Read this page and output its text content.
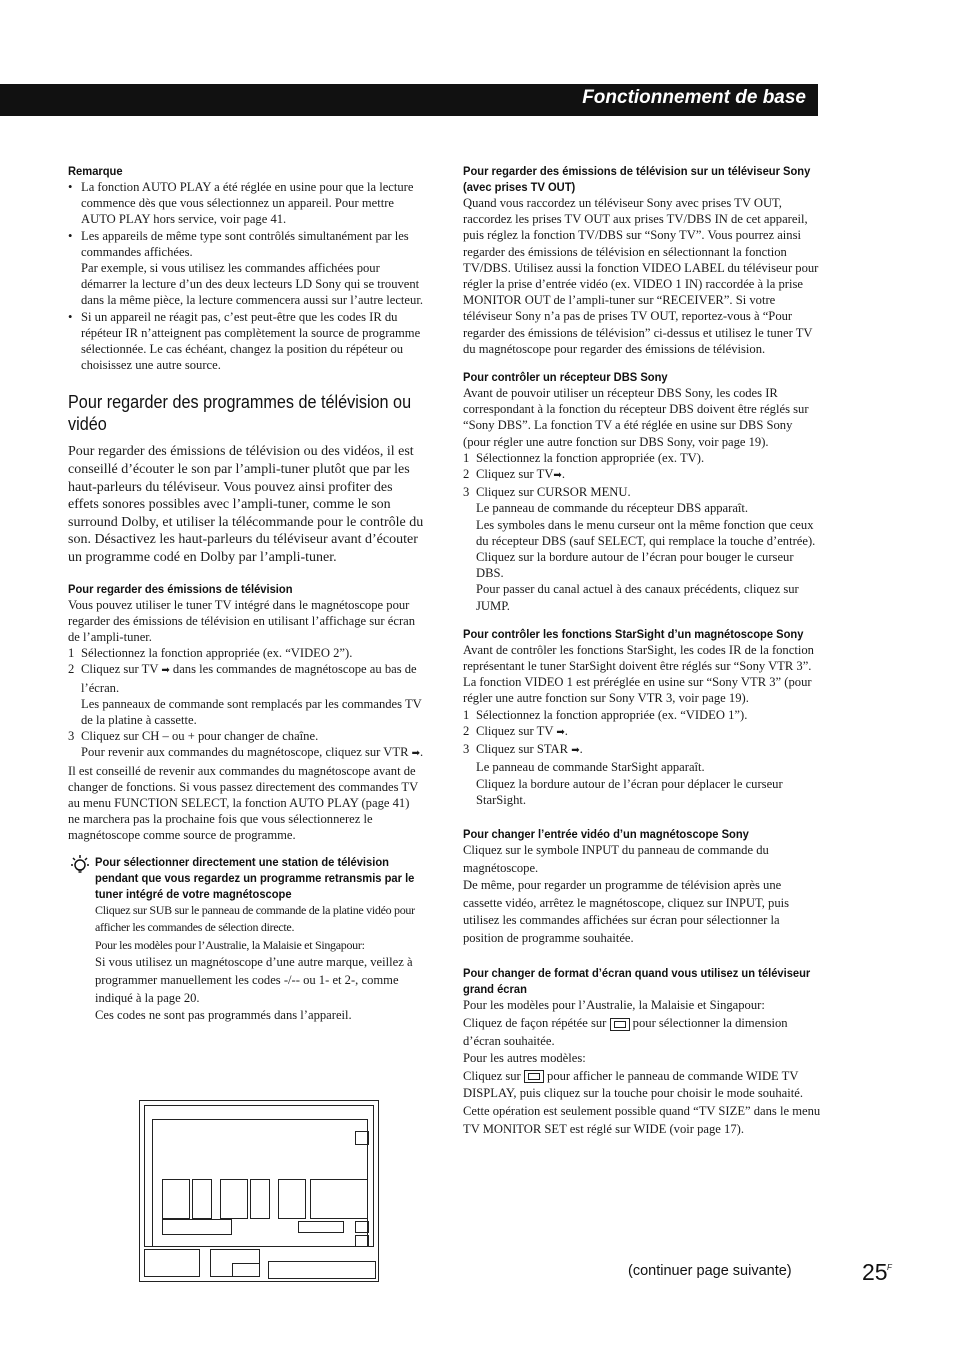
Fonctionnement de base

Remarque

• La fonction AUTO PLAY a été réglée en usine pour que la lecture commence dès que vous sélectionnez un appareil. Pour mettre AUTO PLAY hors service, voir page 41.
• Les appareils de même type sont contrôlés simultanément par les commandes affichées.
Par exemple, si vous utilisez les commandes affichées pour démarrer la lecture d’un des deux lecteurs LD Sony qui se trouvent dans la même pièce, la lecture commencera aussi sur l’autre lecteur.
• Si un appareil ne réagit pas, c’est peut-être que les codes IR du répéteur IR n’atteignent pas complètement la source de programme sélectionnée. Le cas échéant, changez la position du répéteur ou choisissez une autre source.
Pour regarder des programmes de télévision ou vidéo

Pour regarder des émissions de télévision ou des vidéos, il est conseillé d’écouter le son par l’ampli-tuner plutôt que par les haut-parleurs du téléviseur. Vous pouvez ainsi profiter des effets sonores possibles avec l’ampli-tuner, comme le son surround Dolby, et utiliser la télécommande pour le contrôle du son. Désactivez les haut-parleurs du téléviseur avant d’écouter un programme codé en Dolby par l’ampli-tuner.

Pour regarder des émissions de télévision

Vous pouvez utiliser le tuner TV intégré dans le magnétoscope pour regarder des émissions de télévision en utilisant l’affichage sur écran de l’ampli-tuner.

1 Sélectionnez la fonction appropriée (ex. “VIDEO 2”).
2 Cliquez sur TV ➡ dans les commandes de magnétoscope au bas de l’écran.
Les panneaux de commande sont remplacés par les commandes TV de la platine à cassette.
3 Cliquez sur CH – ou + pour changer de chaîne.
Pour revenir aux commandes du magnétoscope, cliquez sur VTR ➡.

Il est conseillé de revenir aux commandes du magnétoscope avant de changer de fonctions. Si vous passez directement des commandes TV au menu FUNCTION SELECT, la fonction AUTO PLAY (page 41) ne marchera pas la prochaine fois que vous sélectionnerez le magnétoscope comme source de programme.

Pour sélectionner directement une station de télévision pendant que vous regardez un programme retransmis par le tuner intégré de votre magnétoscope

Cliquez sur SUB sur le panneau de commande de la platine vidéo pour afficher les commandes de sélection directe.

Pour les modèles pour l’Australie, la Malaisie et Singapour:

Si vous utilisez un magnétoscope d’une autre marque, veillez à programmer manuellement les codes -/-- ou 1- et 2-, comme indiqué à la page 20.

Ces codes ne sont pas programmés dans l’appareil.

Pour regarder des émissions de télévision sur un téléviseur Sony (avec prises TV OUT)

Quand vous raccordez un téléviseur Sony avec prises TV OUT, raccordez les prises TV OUT aux prises TV/DBS IN de cet appareil, puis réglez la fonction TV/DBS sur “Sony TV”. Vous pourrez ainsi regarder des émissions de télévision en sélectionnant la fonction TV/DBS. Utilisez aussi la fonction VIDEO LABEL du téléviseur pour régler la prise d’entrée vidéo (ex. VIDEO 1 IN) raccordée à la prise MONITOR OUT de l’ampli-tuner sur “RECEIVER”. Si votre téléviseur Sony n’a pas de prises TV OUT, reportez-vous à “Pour regarder des émissions de télévision” ci-dessus et utilisez le tuner TV du magnétoscope pour regarder des émissions de télévision.

Pour contrôler un récepteur DBS Sony

Avant de pouvoir utiliser un récepteur DBS Sony, les codes IR correspondant à la fonction du récepteur DBS doivent être réglés sur “Sony DBS”. La fonction TV a été réglée en usine sur DBS Sony (pour régler une autre fonction sur DBS Sony, voir page 19).

1 Sélectionnez la fonction appropriée (ex. TV).
2 Cliquez sur TV➡.
3 Cliquez sur CURSOR MENU.
Le panneau de commande du récepteur DBS apparaît.
Les symboles dans le menu curseur ont la même fonction que ceux du récepteur DBS (sauf SELECT, qui remplace la touche d’entrée). Cliquez sur la bordure autour de l’écran pour bouger le curseur DBS.
Pour passer du canal actuel à des canaux précédents, cliquez sur JUMP.

Pour contrôler les fonctions StarSight d’un magnétoscope Sony

Avant de contrôler les fonctions StarSight, les codes IR de la fonction représentant le tuner StarSight doivent être réglés sur “Sony VTR 3”. La fonction VIDEO 1 est préréglée en usine sur “Sony VTR 3” (pour régler une autre fonction sur Sony VTR 3, voir page 19).

1 Sélectionnez la fonction appropriée (ex. “VIDEO 1”).
2 Cliquez sur TV ➡.
3 Cliquez sur STAR ➡.
Le panneau de commande StarSight apparaît.
Cliquez la bordure autour de l’écran pour déplacer le curseur StarSight.

Pour changer l’entrée vidéo d’un magnétoscope Sony

Cliquez sur le symbole INPUT du panneau de commande du magnétoscope.

De même, pour regarder un programme de télévision après une cassette vidéo, arrêtez le magnétoscope, cliquez sur INPUT, puis utilisez les commandes affichées sur écran pour sélectionner la position de programme souhaitée.

Pour changer de format d’écran quand vous utilisez un téléviseur grand écran

Pour les modèles pour l’Australie, la Malaisie et Singapour:

Cliquez de façon répétée sur pour sélectionner la dimension d’écran souhaitée.

Pour les autres modèles:

Cliquez sur pour afficher le panneau de commande WIDE TV DISPLAY, puis cliquez sur la touche pour choisir le mode souhaité.

Cette opération est seulement possible quand “TV SIZE” dans le menu TV MONITOR SET est réglé sur WIDE (voir page 17).

(continuer page suivante)	25 F
